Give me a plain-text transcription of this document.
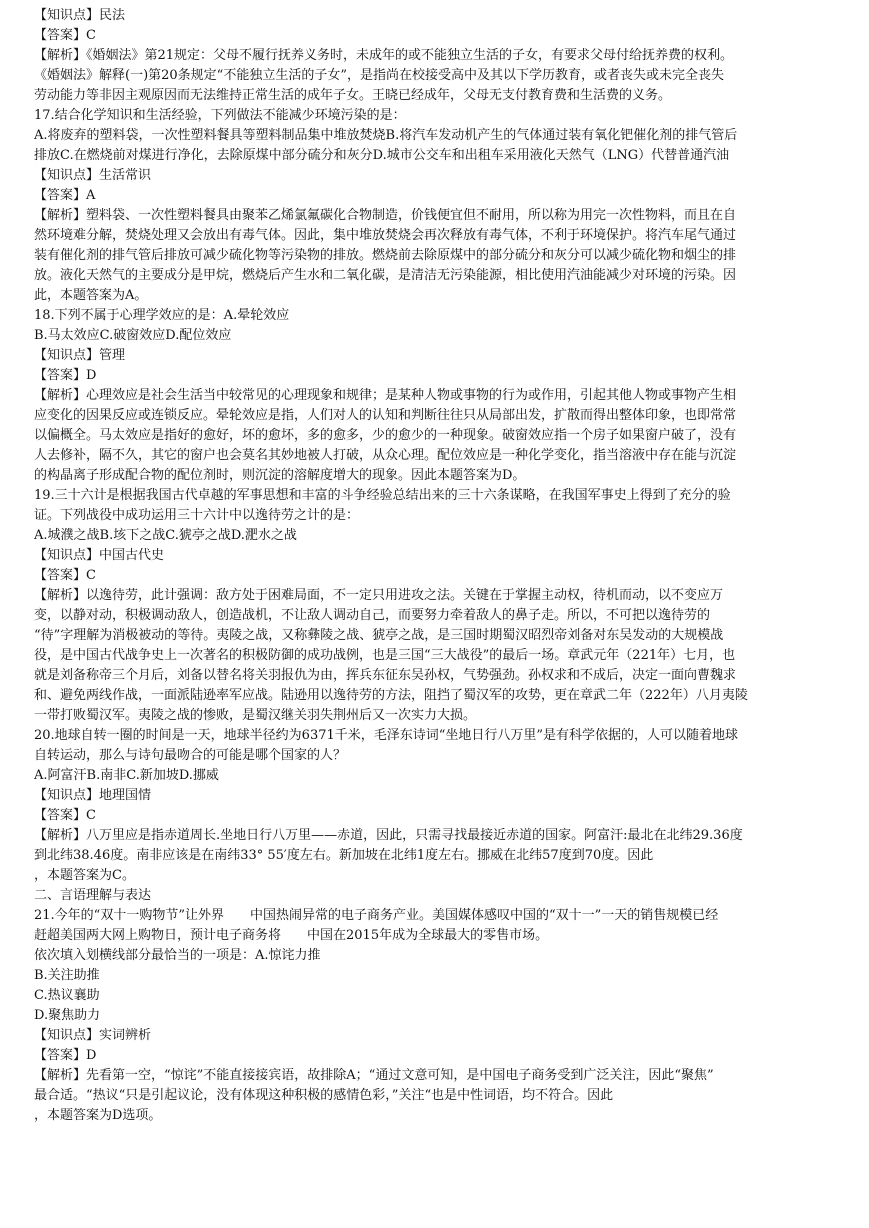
【知识点】民法
【答案】C
【解析】《婚姻法》第21规定：父母不履行抚养义务时，未成年的或不能独立生活的子女，有要求父母付给抚养费的权利。
《婚姻法》解释(一)第20条规定“不能独立生活的子女”，是指尚在校接受高中及其以下学历教育，或者丧失或未完全丧失
劳动能力等非因主观原因而无法维持正常生活的成年子女。王晓已经成年，父母无支付教育费和生活费的义务。
17.结合化学知识和生活经验，下列做法不能减少环境污染的是：
A.将废弃的塑料袋，一次性塑料餐具等塑料制品集中堆放焚烧B.将汽车发动机产生的气体通过装有氧化钯催化剂的排气管后
排放C.在燃烧前对煤进行净化，去除原煤中部分硫分和灰分D.城市公交车和出租车采用液化天然气（LNG）代替普通汽油
【知识点】生活常识
【答案】A
【解析】塑料袋、一次性塑料餐具由聚苯乙烯氯氟碳化合物制造，价钱便宜但不耐用，所以称为用完一次性物料，而且在自
然环境难分解，焚烧处理又会放出有毒气体。因此，集中堆放焚烧会再次释放有毒气体，不利于环境保护。将汽车尾气通过
装有催化剂的排气管后排放可减少硫化物等污染物的排放。燃烧前去除原煤中的部分硫分和灰分可以减少硫化物和烟尘的排
放。液化天然气的主要成分是甲烷，燃烧后产生水和二氧化碳，是清洁无污染能源，相比使用汽油能减少对环境的污染。因
此，本题答案为A。
18.下列不属于心理学效应的是：A.晕轮效应
B.马太效应C.破窗效应D.配位效应
【知识点】管理
【答案】D
【解析】心理效应是社会生活当中较常见的心理现象和规律；是某种人物或事物的行为或作用，引起其他人物或事物产生相
应变化的因果反应或连锁反应。晕轮效应是指，人们对人的认知和判断往往只从局部出发，扩散而得出整体印象，也即常常
以偏概全。马太效应是指好的愈好，坏的愈坏，多的愈多，少的愈少的一种现象。破窗效应指一个房子如果窗户破了，没有
人去修补，隔不久，其它的窗户也会莫名其妙地被人打破，从众心理。配位效应是一种化学变化，指当溶液中存在能与沉淀
的构晶离子形成配合物的配位剂时，则沉淀的溶解度增大的现象。因此本题答案为D。
19.三十六计是根据我国古代卓越的军事思想和丰富的斗争经验总结出来的三十六条谋略，在我国军事史上得到了充分的验
证。下列战役中成功运用三十六计中以逸待劳之计的是：
A.城濮之战B.垓下之战C.猇亭之战D.淝水之战
【知识点】中国古代史
【答案】C
【解析】以逸待劳，此计强调：敌方处于困难局面，不一定只用进攻之法。关键在于掌握主动权，待机而动，以不变应万
变，以静对动，积极调动敌人，创造战机，不让敌人调动自己，而要努力牵着敌人的鼻子走。所以，不可把以逸待劳的
“待”字理解为消极被动的等待。夷陵之战，又称彝陵之战、猇亭之战，是三国时期蜀汉昭烈帝刘备对东吴发动的大规模战
役，是中国古代战争史上一次著名的积极防御的成功战例，也是三国“三大战役”的最后一场。章武元年（221年）七月，也
就是刘备称帝三个月后，刘备以替名将关羽报仇为由，挥兵东征东吴孙权，气势强劲。孙权求和不成后，决定一面向曹魏求
和、避免两线作战，一面派陆逊率军应战。陆逊用以逸待劳的方法，阻挡了蜀汉军的攻势，更在章武二年（222年）八月夷陵
一带打败蜀汉军。夷陵之战的惨败，是蜀汉继关羽失荆州后又一次实力大损。
20.地球自转一圈的时间是一天，地球半径约为6371千米，毛泽东诗词“坐地日行八万里”是有科学依据的，人可以随着地球
自转运动，那么与诗句最吻合的可能是哪个国家的人？
A.阿富汗B.南非C.新加坡D.挪威
【知识点】地理国情
【答案】C
【解析】八万里应是指赤道周长.坐地日行八万里——赤道，因此，只需寻找最接近赤道的国家。阿富汗:最北在北纬29.36度
到北纬38.46度。南非应该是在南纬33° 55′度左右。新加坡在北纬1度左右。挪威在北纬57度到70度。因此
，本题答案为C。
二、言语理解与表达
21.今年的“双十一购物节”让外界　　中国热闹异常的电子商务产业。美国媒体感叹中国的“双十一”一天的销售规模已经
赶超美国两大网上购物日，预计电子商务将　　中国在2015年成为全球最大的零售市场。
依次填入划横线部分最恰当的一项是：A.惊诧力推
B.关注助推
C.热议襄助
D.聚焦助力
【知识点】实词辨析
【答案】D
【解析】先看第一空，“惊诧”不能直接接宾语，故排除A；“通过文意可知，是中国电子商务受到广泛关注，因此“聚焦”
最合适。“热议“只是引起议论，没有体现这种积极的感情色彩，”关注“也是中性词语，均不符合。因此
，本题答案为D选项。
